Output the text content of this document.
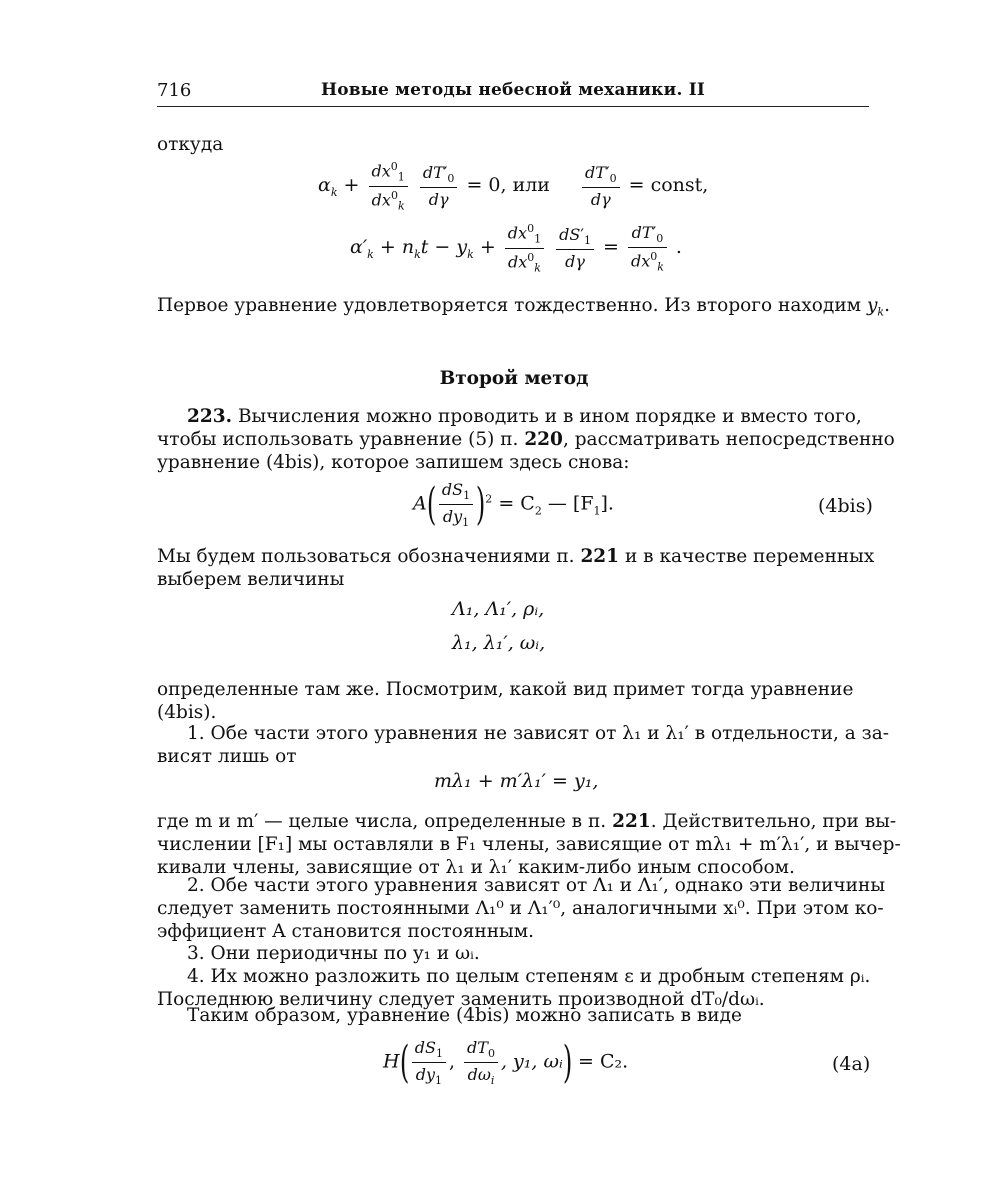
716	Новые методы небесной механики. II
откуда
$\alpha_k + \frac{dx^0_1}{dx^0_k}$
$\frac{dT'_0}{d\gamma} = 0$, или $\frac{dT'_0}{d\gamma}$ = const,
$\alpha'_k + n_kt - y_k + \frac{dx^0_1}{dx^0_k}$
$\frac{dS'_1}{d\gamma} = \frac{dT'_0}{dx^0_k}$ .
Первое уравнение удовлетворяется тождественно. Из второго находим $y_k$.
Второй метод
223. Вычисления можно проводить и в ином порядке и вместо того,
чтобы использовать уравнение (5) п. 220, рассматривать непосредственно
уравнение (4bis), которое запишем здесь снова:
$A( \frac{dS_1}{dy_1} )^2 = C_2$ — $[F_1]$.	(4bis)
Мы будем пользоваться обозначениями п. 221 и в качестве переменных
выберем величины
Λ₁, Λ₁′, ρᵢ,
λ₁, λ₁′, ωᵢ,
определенные там же. Посмотрим, какой вид примет тогда уравнение
(4bis).
1. Обе части этого уравнения не зависят от λ₁ и λ₁′ в отдельности, а за-
висят лишь от
mλ₁ + m′λ₁′ = y₁,
где m и m′ — целые числа, определенные в п. 221. Действительно, при вы-
числении [F₁] мы оставляли в F₁ члены, зависящие от mλ₁ + m′λ₁′, и вычер-
кивали члены, зависящие от λ₁ и λ₁′ каким-либо иным способом.
2. Обе части этого уравнения зависят от Λ₁ и Λ₁′, однако эти величины
следует заменить постоянными Λ₁⁰ и Λ₁′⁰, аналогичными xᵢ⁰. При этом ко-
эффициент A становится постоянным.
3. Они периодичны по y₁ и ωᵢ.
4. Их можно разложить по целым степеням ε и дробным степеням ρᵢ.
Последнюю величину следует заменить производной dT₀/dωᵢ.
Таким образом, уравнение (4bis) можно записать в виде
$H( \frac{dS_1}{dy_1}$ , $\frac{dT_0}{d\omega_i}$ , y₁, ωᵢ) = C₂.	(4a)
